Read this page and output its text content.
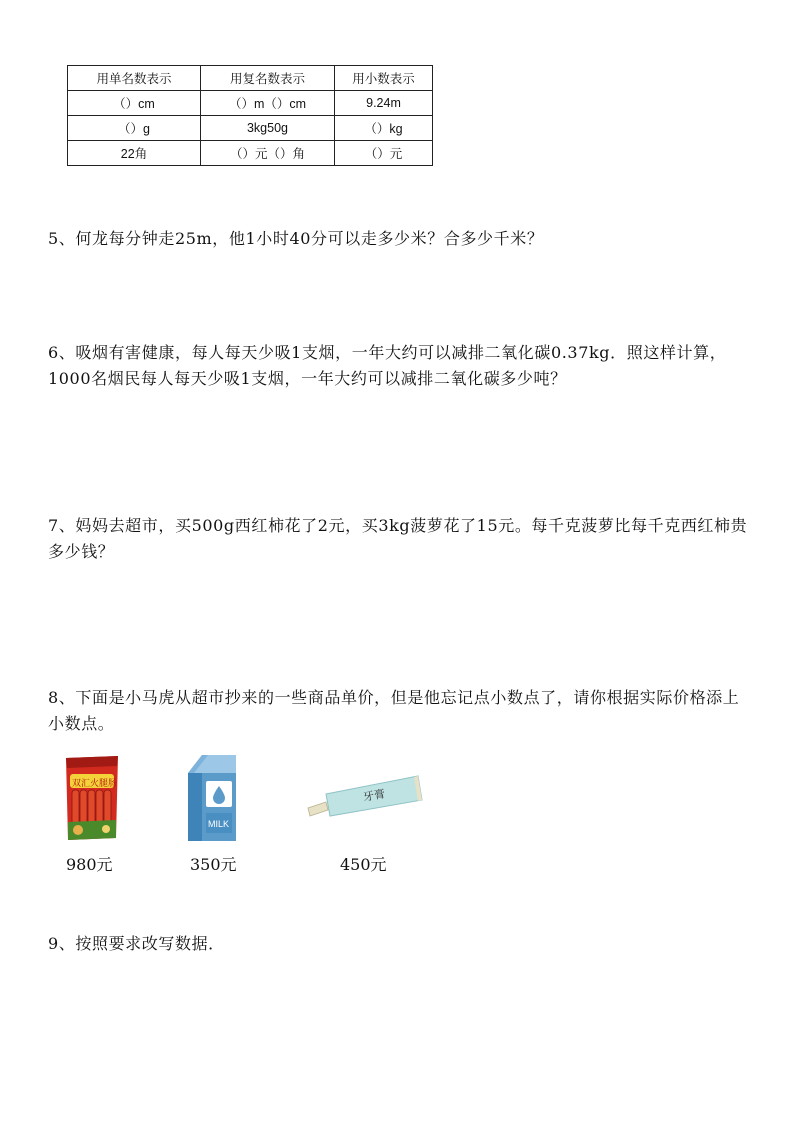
用单名数表示	用复名数表示	用小数表示
（）cm	（）m（）cm	9.24m
（）g	3kg50g	（）kg
22角	（）元（）角	（）元

5、何龙每分钟走25m，他1小时40分可以走多少米？合多少千米？

6、吸烟有害健康，每人每天少吸1支烟，一年大约可以减排二氧化碳0.37kg．照这样计算，1000名烟民每人每天少吸1支烟，一年大约可以减排二氧化碳多少吨？

7、妈妈去超市，买500g西红柿花了2元，买3kg菠萝花了15元。每千克菠萝比每千克西红柿贵多少钱？

8、下面是小马虎从超市抄来的一些商品单价，但是他忘记点小数点了，请你根据实际价格添上小数点。

9、按照要求改写数据．

双汇火腿肠
MILK
牙膏
980元	350元	450元
